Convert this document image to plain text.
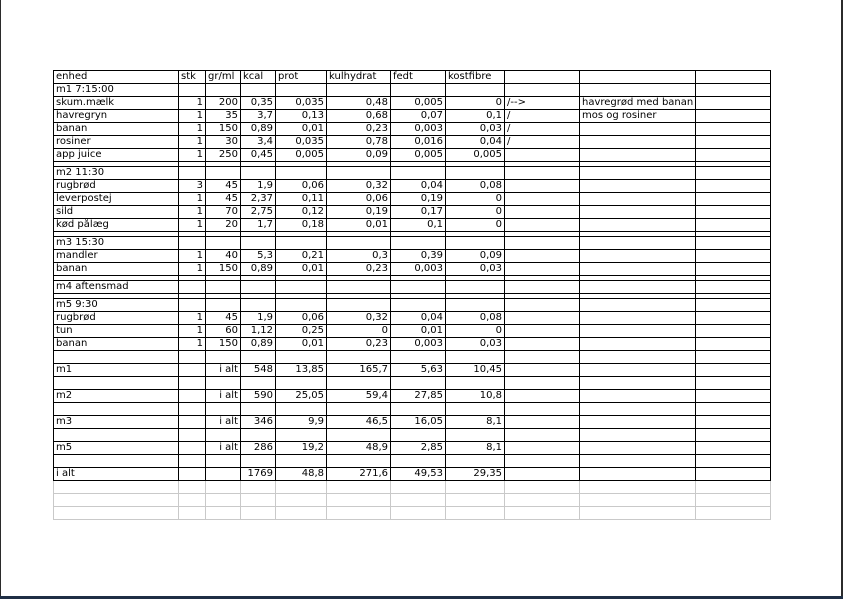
enhed	stk	gr/ml	kcal	prot	kulhydrat	fedt	kostfibre			
m1 7:15:00										
skum.mælk	1	200	0,35	0,035	0,48	0,005	0	/-->	havregrød med banan	
havregryn	1	35	3,7	0,13	0,68	0,07	0,1	/	mos og rosiner	
banan	1	150	0,89	0,01	0,23	0,003	0,03	/		
rosiner	1	30	3,4	0,035	0,78	0,016	0,04	/		
app juice	1	250	0,45	0,005	0,09	0,005	0,005			

m2 11:30										
rugbrød	3	45	1,9	0,06	0,32	0,04	0,08			
leverpostej	1	45	2,37	0,11	0,06	0,19	0			
sild	1	70	2,75	0,12	0,19	0,17	0			
kød pålæg	1	20	1,7	0,18	0,01	0,1	0			

m3 15:30										
mandler	1	40	5,3	0,21	0,3	0,39	0,09			
banan	1	150	0,89	0,01	0,23	0,003	0,03			

m4 aftensmad										

m5 9:30										
rugbrød	1	45	1,9	0,06	0,32	0,04	0,08			
tun	1	60	1,12	0,25	0	0,01	0			
banan	1	150	0,89	0,01	0,23	0,003	0,03			

m1		i alt	548	13,85	165,7	5,63	10,45			

m2		i alt	590	25,05	59,4	27,85	10,8			

m3		i alt	346	9,9	46,5	16,05	8,1			

m5		i alt	286	19,2	48,9	2,85	8,1			

i alt			1769	48,8	271,6	49,53	29,35			
